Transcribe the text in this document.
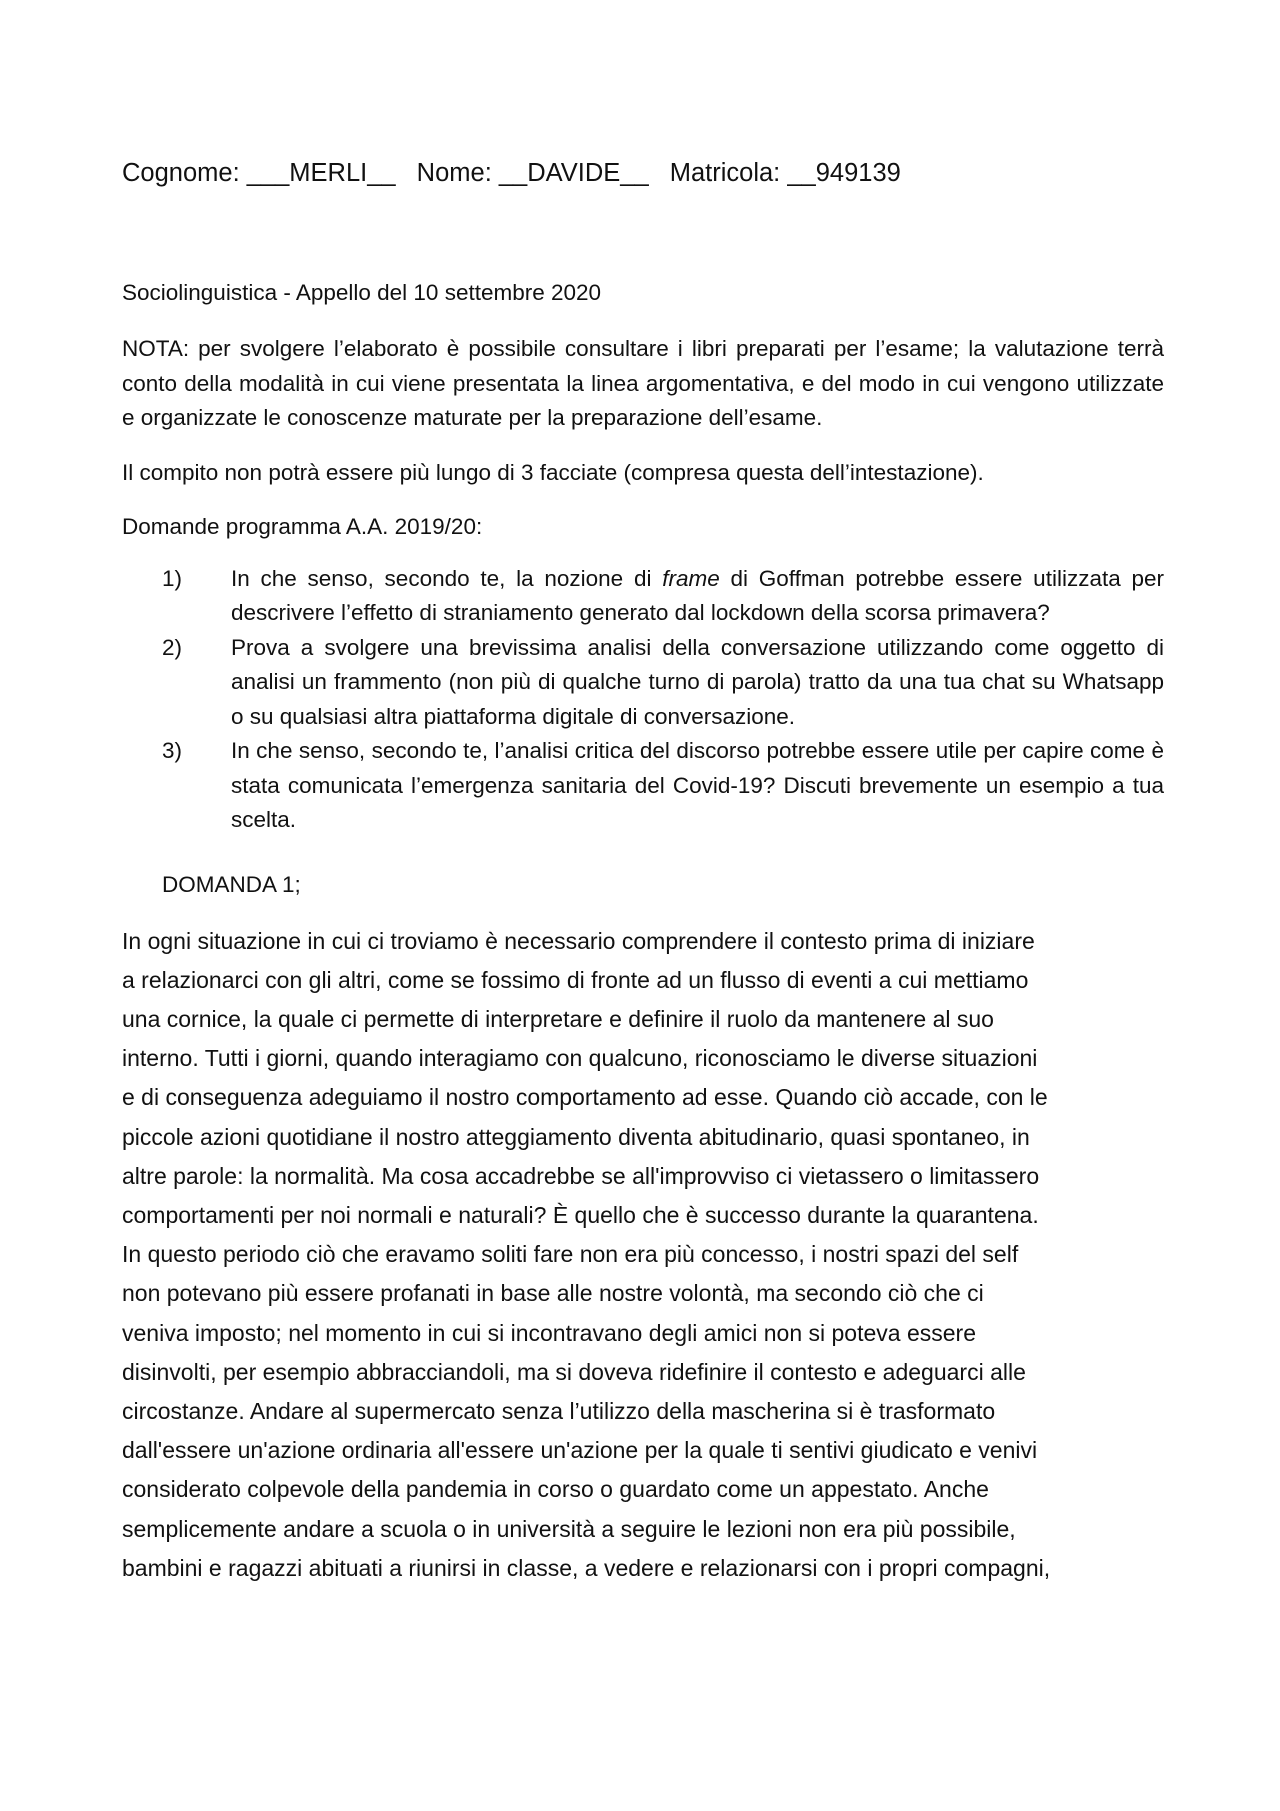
Cognome: ___MERLI__ Nome: __DAVIDE__ Matricola: __949139

Sociolinguistica - Appello del 10 settembre 2020

NOTA: per svolgere l’elaborato è possibile consultare i libri preparati per l’esame; la valutazione terrà conto della modalità in cui viene presentata la linea argomentativa, e del modo in cui vengono utilizzate e organizzate le conoscenze maturate per la preparazione dell’esame.

Il compito non potrà essere più lungo di 3 facciate (compresa questa dell’intestazione).

Domande programma A.A. 2019/20:

1) In che senso, secondo te, la nozione di frame di Goffman potrebbe essere utilizzata per descrivere l’effetto di straniamento generato dal lockdown della scorsa primavera?
2) Prova a svolgere una brevissima analisi della conversazione utilizzando come oggetto di analisi un frammento (non più di qualche turno di parola) tratto da una tua chat su Whatsapp o su qualsiasi altra piattaforma digitale di conversazione.
3) In che senso, secondo te, l’analisi critica del discorso potrebbe essere utile per capire come è stata comunicata l’emergenza sanitaria del Covid-19? Discuti brevemente un esempio a tua scelta.

DOMANDA 1;

In ogni situazione in cui ci troviamo è necessario comprendere il contesto prima di iniziare
a relazionarci con gli altri, come se fossimo di fronte ad un flusso di eventi a cui mettiamo
una cornice, la quale ci permette di interpretare e definire il ruolo da mantenere al suo
interno. Tutti i giorni, quando interagiamo con qualcuno, riconosciamo le diverse situazioni
e di conseguenza adeguiamo il nostro comportamento ad esse. Quando ciò accade, con le
piccole azioni quotidiane il nostro atteggiamento diventa abitudinario, quasi spontaneo, in
altre parole: la normalità. Ma cosa accadrebbe se all'improvviso ci vietassero o limitassero
comportamenti per noi normali e naturali? È quello che è successo durante la quarantena.
In questo periodo ciò che eravamo soliti fare non era più concesso, i nostri spazi del self
non potevano più essere profanati in base alle nostre volontà, ma secondo ciò che ci
veniva imposto; nel momento in cui si incontravano degli amici non si poteva essere
disinvolti, per esempio abbracciandoli, ma si doveva ridefinire il contesto e adeguarci alle
circostanze. Andare al supermercato senza l’utilizzo della mascherina si è trasformato
dall'essere un'azione ordinaria all'essere un'azione per la quale ti sentivi giudicato e venivi
considerato colpevole della pandemia in corso o guardato come un appestato. Anche
semplicemente andare a scuola o in università a seguire le lezioni non era più possibile,
bambini e ragazzi abituati a riunirsi in classe, a vedere e relazionarsi con i propri compagni,
